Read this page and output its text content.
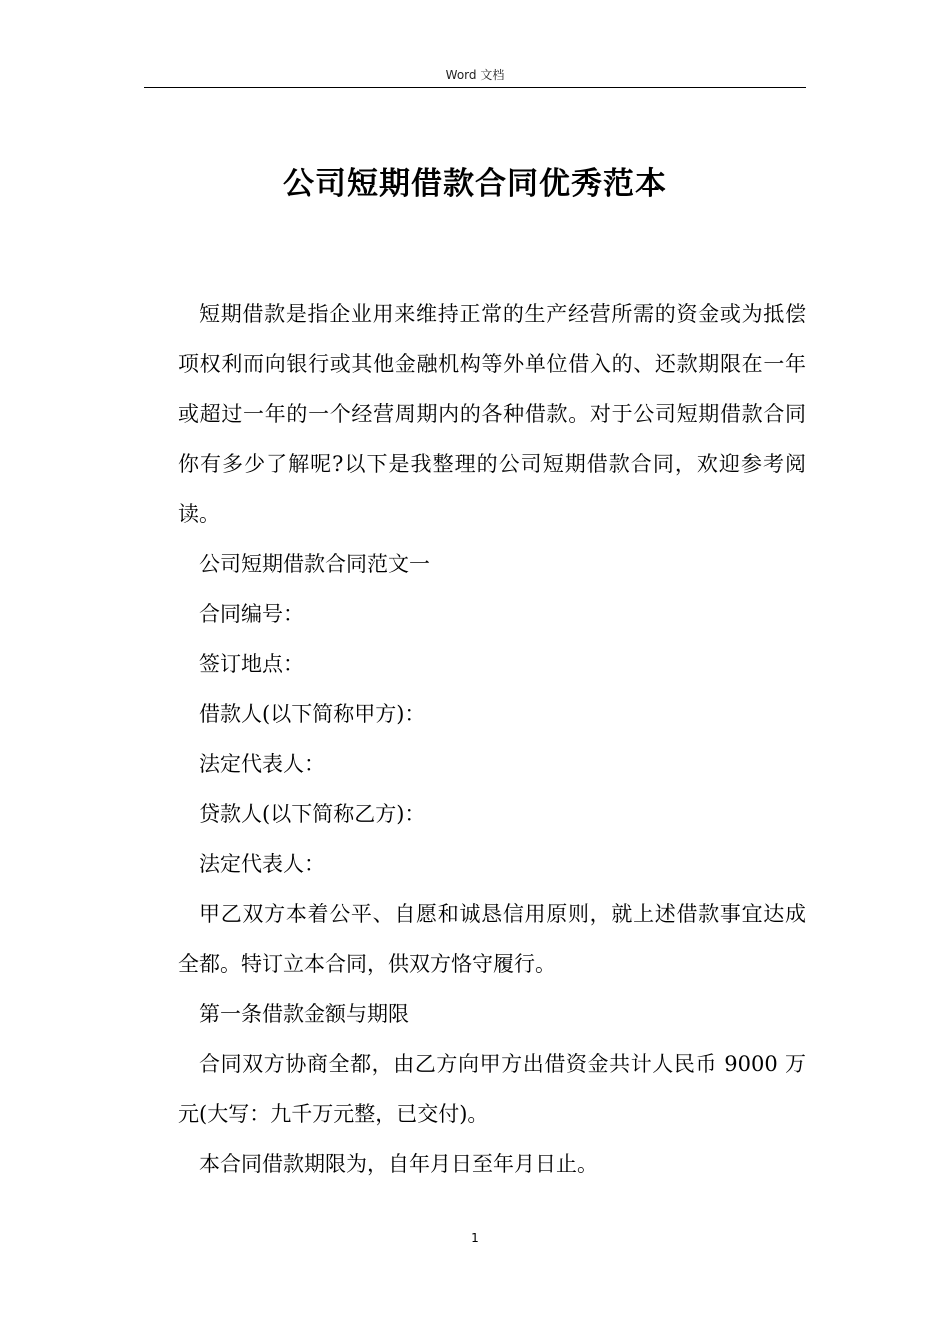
Word 文档
公司短期借款合同优秀范本

短期借款是指企业用来维持正常的生产经营所需的资金或为抵偿项权利而向银行或其他金融机构等外单位借入的、还款期限在一年或超过一年的一个经营周期内的各种借款。对于公司短期借款合同你有多少了解呢?以下是我整理的公司短期借款合同，欢迎参考阅读。

公司短期借款合同范文一

合同编号：

签订地点：

借款人(以下简称甲方)：

法定代表人：

贷款人(以下简称乙方)：

法定代表人：

甲乙双方本着公平、自愿和诚恳信用原则，就上述借款事宜达成全都。特订立本合同，供双方恪守履行。

第一条借款金额与期限

合同双方协商全都，由乙方向甲方出借资金共计人民币 9000 万元(大写：九千万元整，已交付)。

本合同借款期限为，自年月日至年月日止。

1
